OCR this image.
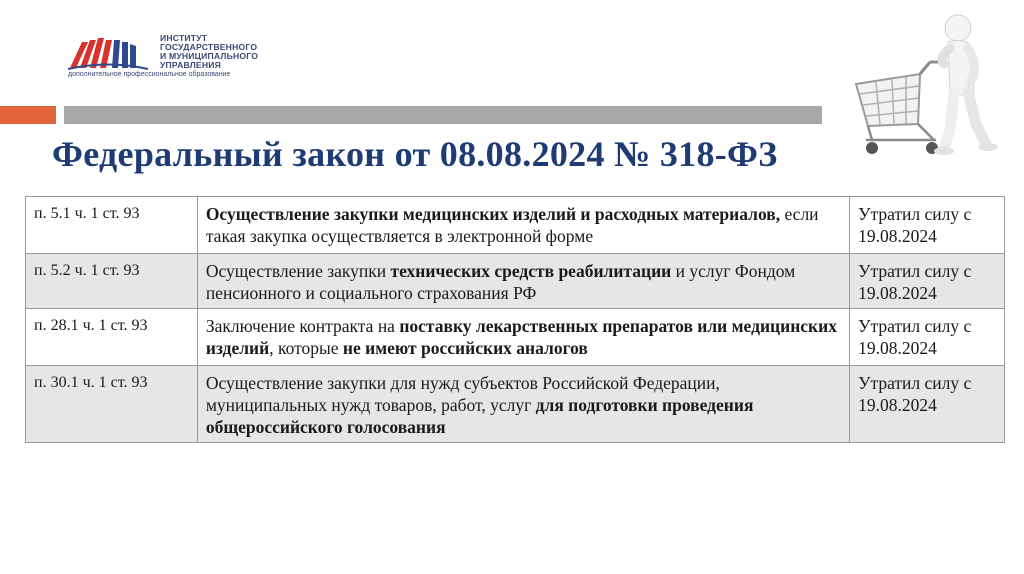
ИНСТИТУТ
ГОСУДАРСТВЕННОГО
И МУНИЦИПАЛЬНОГО
УПРАВЛЕНИЯ
дополнительное профессиональное образование
Федеральный закон от 08.08.2024 № 318-ФЗ
п. 5.1 ч. 1 ст. 93	Осуществление закупки медицинских изделий и расходных материалов, если такая закупка осуществляется в электронной форме	Утратил силу с 19.08.2024
п. 5.2 ч. 1 ст. 93	Осуществление закупки технических средств реабилитации и услуг Фондом пенсионного и социального страхования РФ	Утратил силу с 19.08.2024
п. 28.1 ч. 1 ст. 93	Заключение контракта на поставку лекарственных препаратов или медицинских изделий, которые не имеют российских аналогов	Утратил силу с 19.08.2024
п. 30.1 ч. 1 ст. 93	Осуществление закупки для нужд субъектов Российской Федерации, муниципальных нужд товаров, работ, услуг для подготовки проведения общероссийского голосования	Утратил силу с 19.08.2024
